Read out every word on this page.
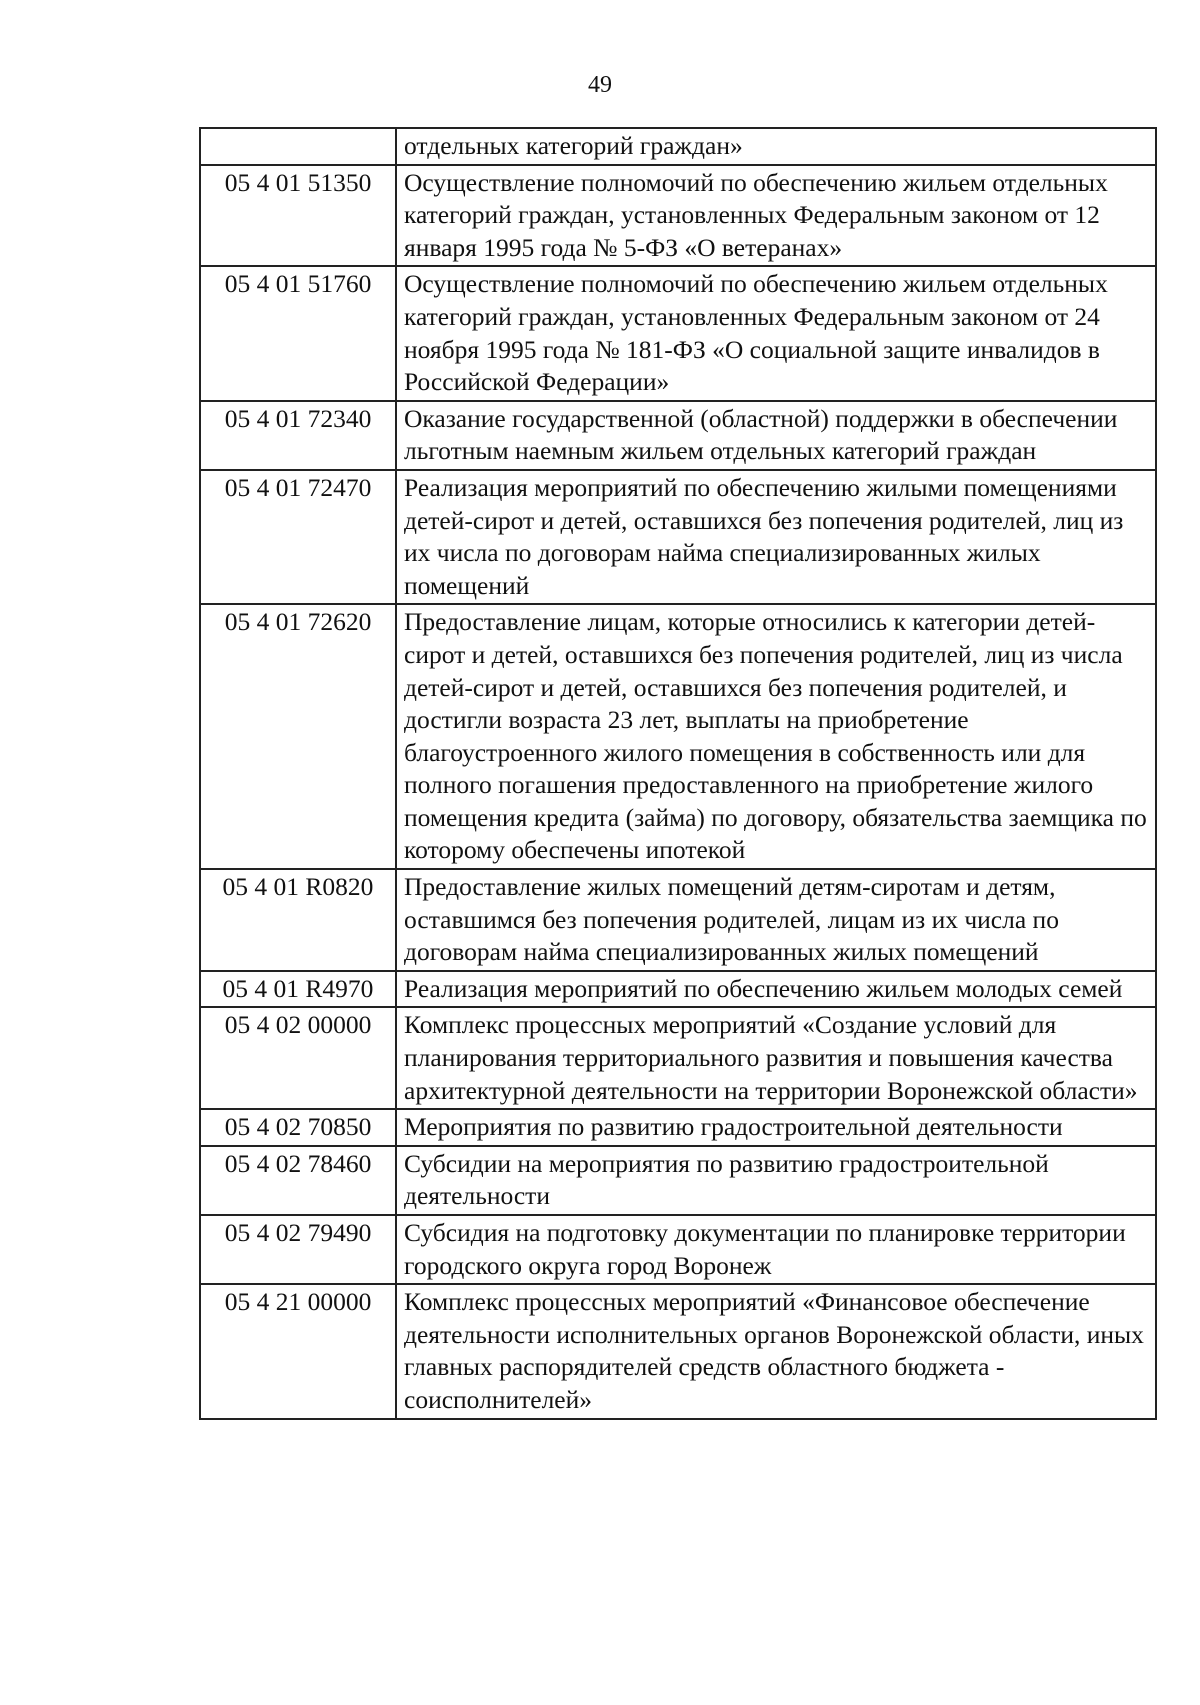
49
	отдельных категорий граждан»
05 4 01 51350	Осуществление полномочий по обеспечению жильем отдельных категорий граждан, установленных Федеральным законом от 12 января 1995 года № 5-ФЗ «О ветеранах»
05 4 01 51760	Осуществление полномочий по обеспечению жильем отдельных категорий граждан, установленных Федеральным законом от 24 ноября 1995 года № 181-ФЗ «О социальной защите инвалидов в Российской Федерации»
05 4 01 72340	Оказание государственной (областной) поддержки в обеспечении льготным наемным жильем отдельных категорий граждан
05 4 01 72470	Реализация мероприятий по обеспечению жилыми помещениями детей-сирот и детей, оставшихся без попечения родителей, лиц из их числа по договорам найма специализированных жилых помещений
05 4 01 72620	Предоставление лицам, которые относились к категории детей-сирот и детей, оставшихся без попечения родителей, лиц из числа детей-сирот и детей, оставшихся без попечения родителей, и достигли возраста 23 лет, выплаты на приобретение благоустроенного жилого помещения в собственность или для полного погашения предоставленного на приобретение жилого помещения кредита (займа) по договору, обязательства заемщика по которому обеспечены ипотекой
05 4 01 R0820	Предоставление жилых помещений детям-сиротам и детям, оставшимся без попечения родителей, лицам из их числа по договорам найма специализированных жилых помещений
05 4 01 R4970	Реализация мероприятий по обеспечению жильем молодых семей
05 4 02 00000	Комплекс процессных мероприятий «Создание условий для планирования территориального развития и повышения качества архитектурной деятельности на территории Воронежской области»
05 4 02 70850	Мероприятия по развитию градостроительной деятельности
05 4 02 78460	Субсидии на мероприятия по развитию градостроительной деятельности
05 4 02 79490	Субсидия на подготовку документации по планировке территории городского округа город Воронеж
05 4 21 00000	Комплекс процессных мероприятий «Финансовое обеспечение деятельности исполнительных органов Воронежской области, иных главных распорядителей средств областного бюджета - соисполнителей»
